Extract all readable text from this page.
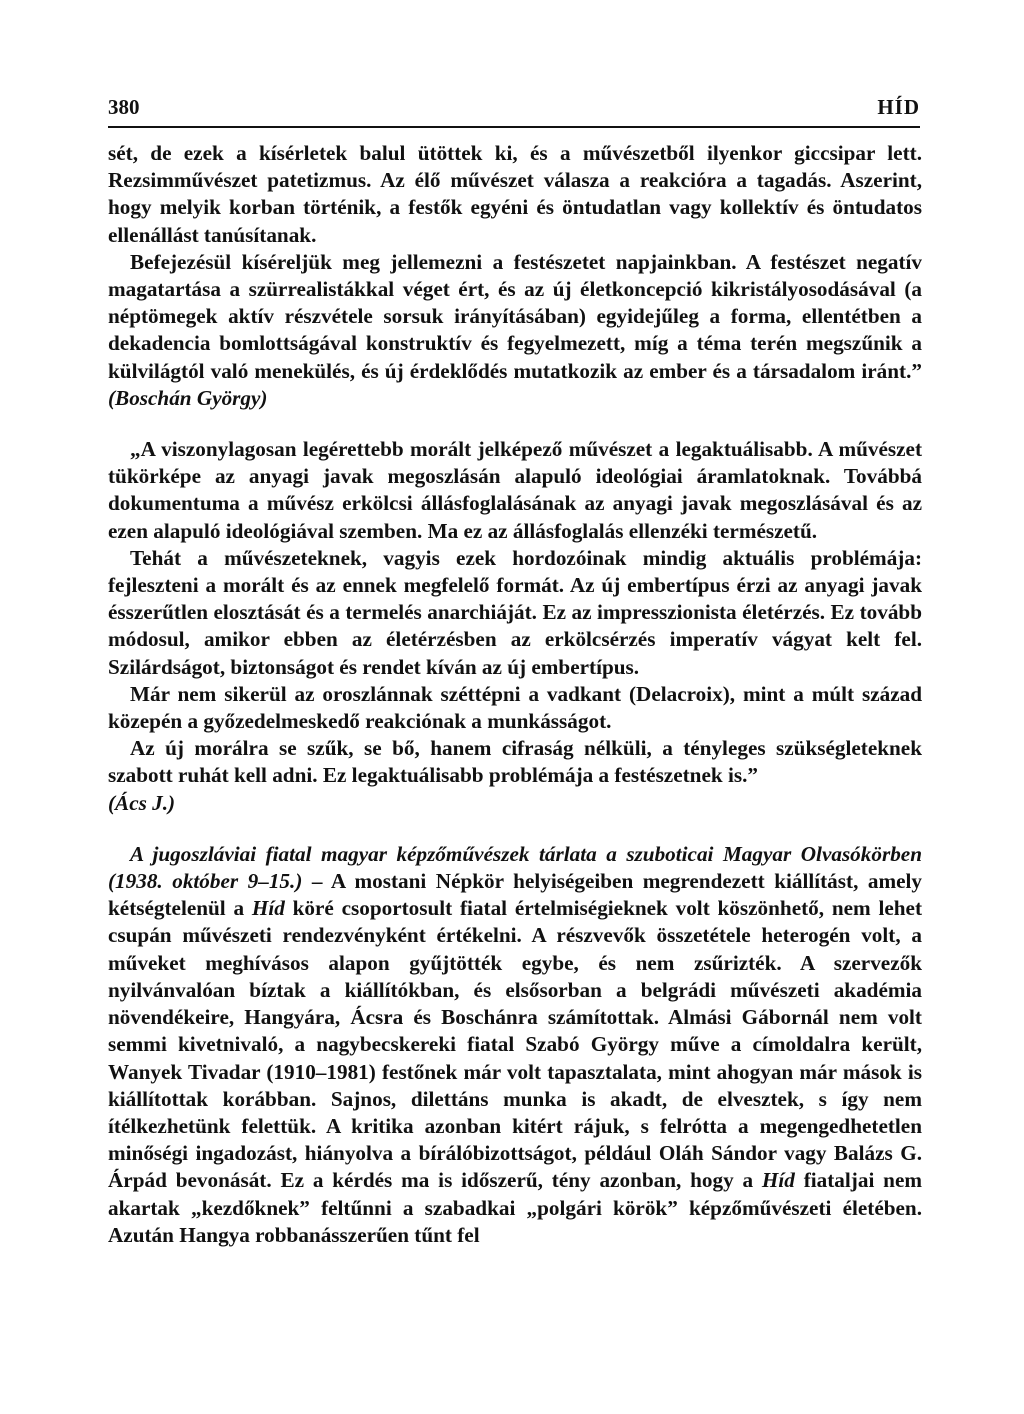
380	HÍD

sét, de ezek a kísérletek balul ütöttek ki, és a művészetből ilyenkor giccsipar lett. Rezsimművészet patetizmus. Az élő művészet válasza a reakcióra a tagadás. Aszerint, hogy melyik korban történik, a festők egyéni és öntudatlan vagy kollektív és öntudatos ellenállást tanúsítanak.

Befejezésül kíséreljük meg jellemezni a festészetet napjainkban. A festészet negatív magatartása a szürrealistákkal véget ért, és az új életkoncepció kikristályosodásával (a néptömegek aktív részvétele sorsuk irányításában) egyidejűleg a forma, ellentétben a dekadencia bomlottságával konstruktív és fegyelmezett, míg a téma terén megszűnik a külvilágtól való menekülés, és új érdeklődés mutatkozik az ember és a társadalom iránt.” (Boschán György)

„A viszonylagosan legérettebb morált jelképező művészet a legaktuálisabb. A művészet tükörképe az anyagi javak megoszlásán alapuló ideológiai áramlatoknak. Továbbá dokumentuma a művész erkölcsi állásfoglalásának az anyagi javak megoszlásával és az ezen alapuló ideológiával szemben. Ma ez az állásfoglalás ellenzéki természetű.

Tehát a művészeteknek, vagyis ezek hordozóinak mindig aktuális problémája: fejleszteni a morált és az ennek megfelelő formát. Az új embertípus érzi az anyagi javak ésszerűtlen elosztását és a termelés anarchiáját. Ez az impresszionista életérzés. Ez tovább módosul, amikor ebben az életérzésben az erkölcsérzés imperatív vágyat kelt fel. Szilárdságot, biztonságot és rendet kíván az új embertípus.

Már nem sikerül az oroszlánnak széttépni a vadkant (Delacroix), mint a múlt század közepén a győzedelmeskedő reakciónak a munkásságot.

Az új morálra se szűk, se bő, hanem cifraság nélküli, a tényleges szükségleteknek szabott ruhát kell adni. Ez legaktuálisabb problémája a festészetnek is.”
(Ács J.)

A jugoszláviai fiatal magyar képzőművészek tárlata a szuboticai Magyar Olvasókörben (1938. október 9–15.) – A mostani Népkör helyiségeiben megrendezett kiállítást, amely kétségtelenül a Híd köré csoportosult fiatal értelmiségieknek volt köszönhető, nem lehet csupán művészeti rendezvényként értékelni. A részvevők összetétele heterogén volt, a műveket meghívásos alapon gyűjtötték egybe, és nem zsűrizték. A szervezők nyilvánvalóan bíztak a kiállítókban, és elsősorban a belgrádi művészeti akadémia növendékeire, Hangyára, Ácsra és Boschánra számítottak. Almási Gábornál nem volt semmi kivetnivaló, a nagybecskereki fiatal Szabó György műve a címoldalra került, Wanyek Tivadar (1910–1981) festőnek már volt tapasztalata, mint ahogyan már mások is kiállítottak korábban. Sajnos, dilettáns munka is akadt, de elvesztek, s így nem ítélkezhetünk felettük. A kritika azonban kitért rájuk, s felrótta a megengedhetetlen minőségi ingadozást, hiányolva a bírálóbizottságot, például Oláh Sándor vagy Balázs G. Árpád bevonását. Ez a kérdés ma is időszerű, tény azonban, hogy a Híd fiataljai nem akartak „kezdőknek” feltűnni a szabadkai „polgári körök” képzőművészeti életében. Azután Hangya robbanásszerűen tűnt fel
